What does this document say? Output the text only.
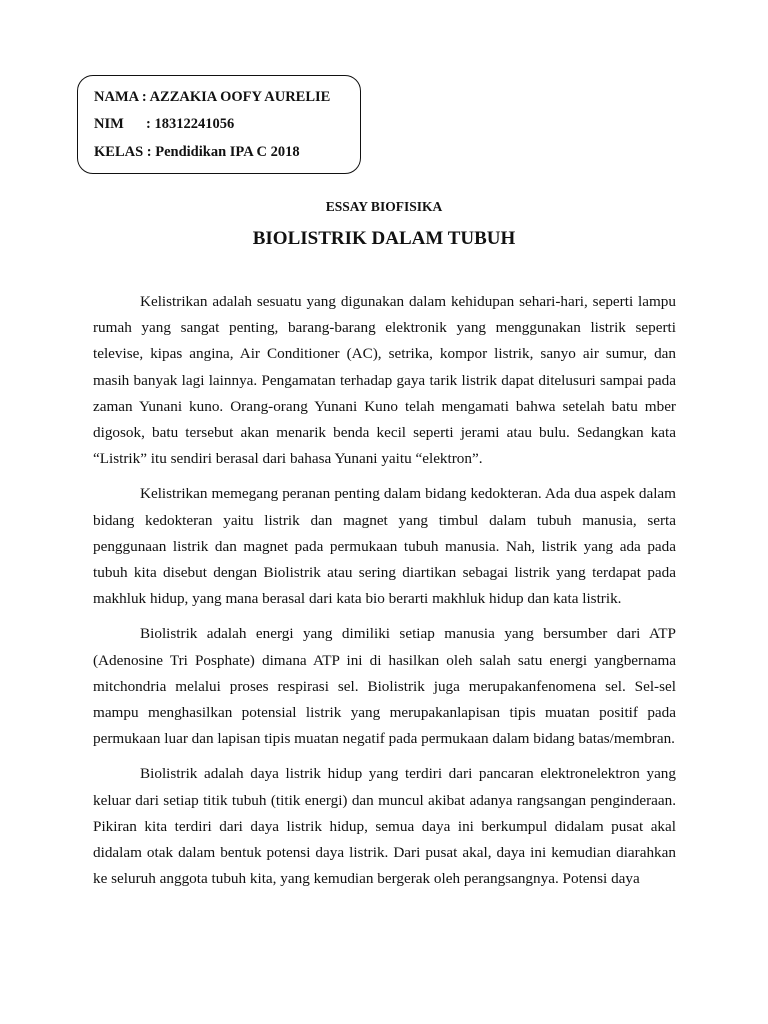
NAMA : AZZAKIA OOFY AURELIE
NIM : 18312241056
KELAS : Pendidikan IPA C 2018
ESSAY BIOFISIKA
BIOLISTRIK DALAM TUBUH

Kelistrikan adalah sesuatu yang digunakan dalam kehidupan sehari-hari, seperti lampu rumah yang sangat penting, barang-barang elektronik yang menggunakan listrik seperti televise, kipas angina, Air Conditioner (AC), setrika, kompor listrik, sanyo air sumur, dan masih banyak lagi lainnya. Pengamatan terhadap gaya tarik listrik dapat ditelusuri sampai pada zaman Yunani kuno. Orang-orang Yunani Kuno telah mengamati bahwa setelah batu mber digosok, batu tersebut akan menarik benda kecil seperti jerami atau bulu. Sedangkan kata “Listrik” itu sendiri berasal dari bahasa Yunani yaitu “elektron”.

Kelistrikan memegang peranan penting dalam bidang kedokteran. Ada dua aspek dalam bidang kedokteran yaitu listrik dan magnet yang timbul dalam tubuh manusia, serta penggunaan listrik dan magnet pada permukaan tubuh manusia. Nah, listrik yang ada pada tubuh kita disebut dengan Biolistrik atau sering diartikan sebagai listrik yang terdapat pada makhluk hidup, yang mana berasal dari kata bio berarti makhluk hidup dan kata listrik.

Biolistrik adalah energi yang dimiliki setiap manusia yang bersumber dari ATP (Adenosine Tri Posphate) dimana ATP ini di hasilkan oleh salah satu energi yangbernama mitchondria melalui proses respirasi sel. Biolistrik juga merupakanfenomena sel. Sel-sel mampu menghasilkan potensial listrik yang merupakanlapisan tipis muatan positif pada permukaan luar dan lapisan tipis muatan negatif pada permukaan dalam bidang batas/membran.

Biolistrik adalah daya listrik hidup yang terdiri dari pancaran elektronelektron yang keluar dari setiap titik tubuh (titik energi) dan muncul akibat adanya rangsangan penginderaan. Pikiran kita terdiri dari daya listrik hidup, semua daya ini berkumpul didalam pusat akal didalam otak dalam bentuk potensi daya listrik. Dari pusat akal, daya ini kemudian diarahkan ke seluruh anggota tubuh kita, yang kemudian bergerak oleh perangsangnya. Potensi daya
